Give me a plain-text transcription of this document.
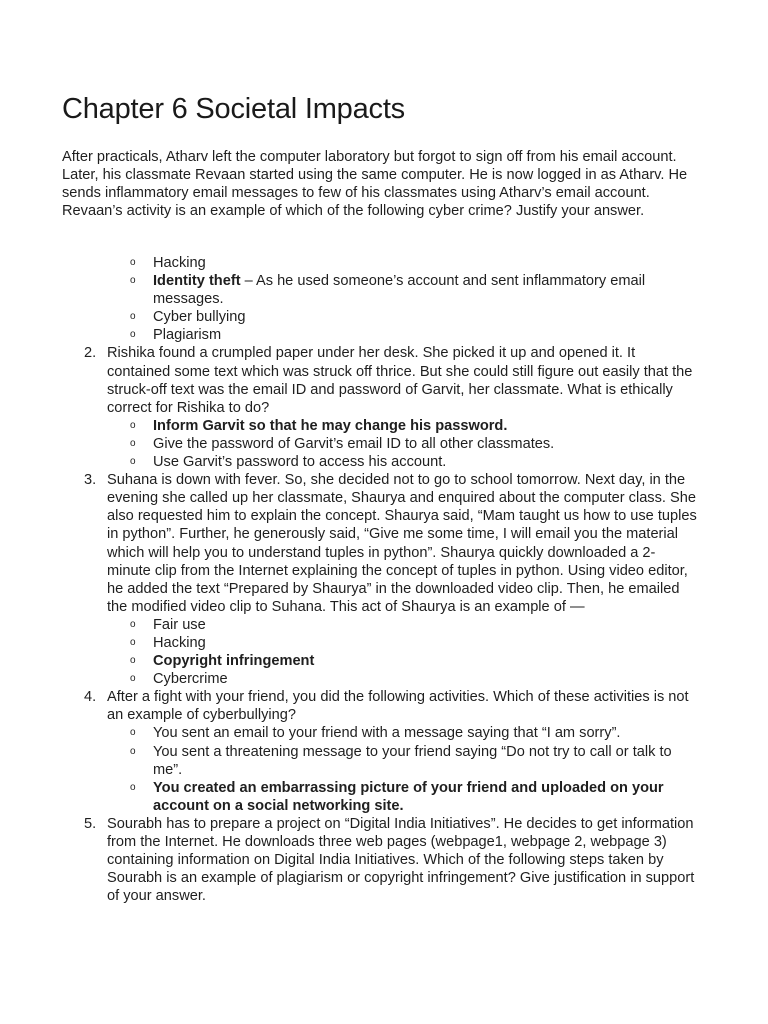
Chapter 6 Societal Impacts

After practicals, Atharv left the computer laboratory but forgot to sign off from his email account. Later, his classmate Revaan started using the same computer. He is now logged in as Atharv. He sends inflammatory email messages to few of his classmates using Atharv’s email account. Revaan’s activity is an example of which of the following cyber crime? Justify your answer.

o Hacking
o Identity theft – As he used someone’s account and sent inflammatory email messages.
o Cyber bullying
o Plagiarism
2. Rishika found a crumpled paper under her desk. She picked it up and opened it. It contained some text which was struck off thrice. But she could still figure out easily that the struck-off text was the email ID and password of Garvit, her classmate. What is ethically correct for Rishika to do?

o Inform Garvit so that he may change his password.
o Give the password of Garvit’s email ID to all other classmates.
o Use Garvit’s password to access his account.
3. Suhana is down with fever. So, she decided not to go to school tomorrow. Next day, in the evening she called up her classmate, Shaurya and enquired about the computer class. She also requested him to explain the concept. Shaurya said, “Mam taught us how to use tuples in python”. Further, he generously said, “Give me some time, I will email you the material which will help you to understand tuples in python”. Shaurya quickly downloaded a 2-minute clip from the Internet explaining the concept of tuples in python. Using video editor, he added the text “Prepared by Shaurya” in the downloaded video clip. Then, he emailed the modified video clip to Suhana. This act of Shaurya is an example of —

o Fair use
o Hacking
o Copyright infringement
o Cybercrime
4. After a fight with your friend, you did the following activities. Which of these activities is not an example of cyberbullying?

o You sent an email to your friend with a message saying that “I am sorry”.
o You sent a threatening message to your friend saying “Do not try to call or talk to me”.
o You created an embarrassing picture of your friend and uploaded on your account on a social networking site.
5. Sourabh has to prepare a project on “Digital India Initiatives”. He decides to get information from the Internet. He downloads three web pages (webpage1, webpage 2, webpage 3) containing information on Digital India Initiatives. Which of the following steps taken by Sourabh is an example of plagiarism or copyright infringement? Give justification in support of your answer.
